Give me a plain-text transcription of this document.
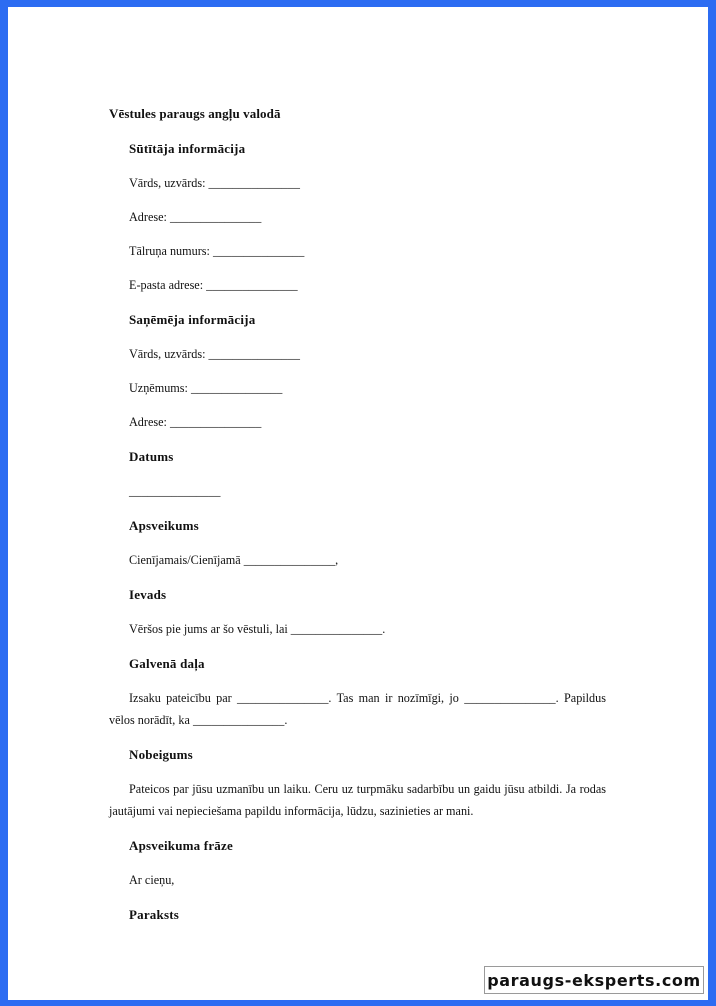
Vēstules paraugs angļu valodā
Sūtītāja informācija
Vārds, uzvārds: _______________
Adrese: _______________
Tālruņa numurs: _______________
E-pasta adrese: _______________
Saņēmēja informācija
Vārds, uzvārds: _______________
Uzņēmums: _______________
Adrese: _______________
Datums
_______________
Apsveikums
Cienījamais/Cienījamā _______________,
Ievads
Vēršos pie jums ar šo vēstuli, lai _______________.
Galvenā daļa
Izsaku pateicību par _______________. Tas man ir nozīmīgi, jo _______________. Papildus vēlos norādīt, ka _______________.
Nobeigums
Pateicos par jūsu uzmanību un laiku. Ceru uz turpmāku sadarbību un gaidu jūsu atbildi. Ja rodas jautājumi vai nepieciešama papildu informācija, lūdzu, sazinieties ar mani.
Apsveikuma frāze
Ar cieņu,
Paraksts
paraugs-eksperts.com
